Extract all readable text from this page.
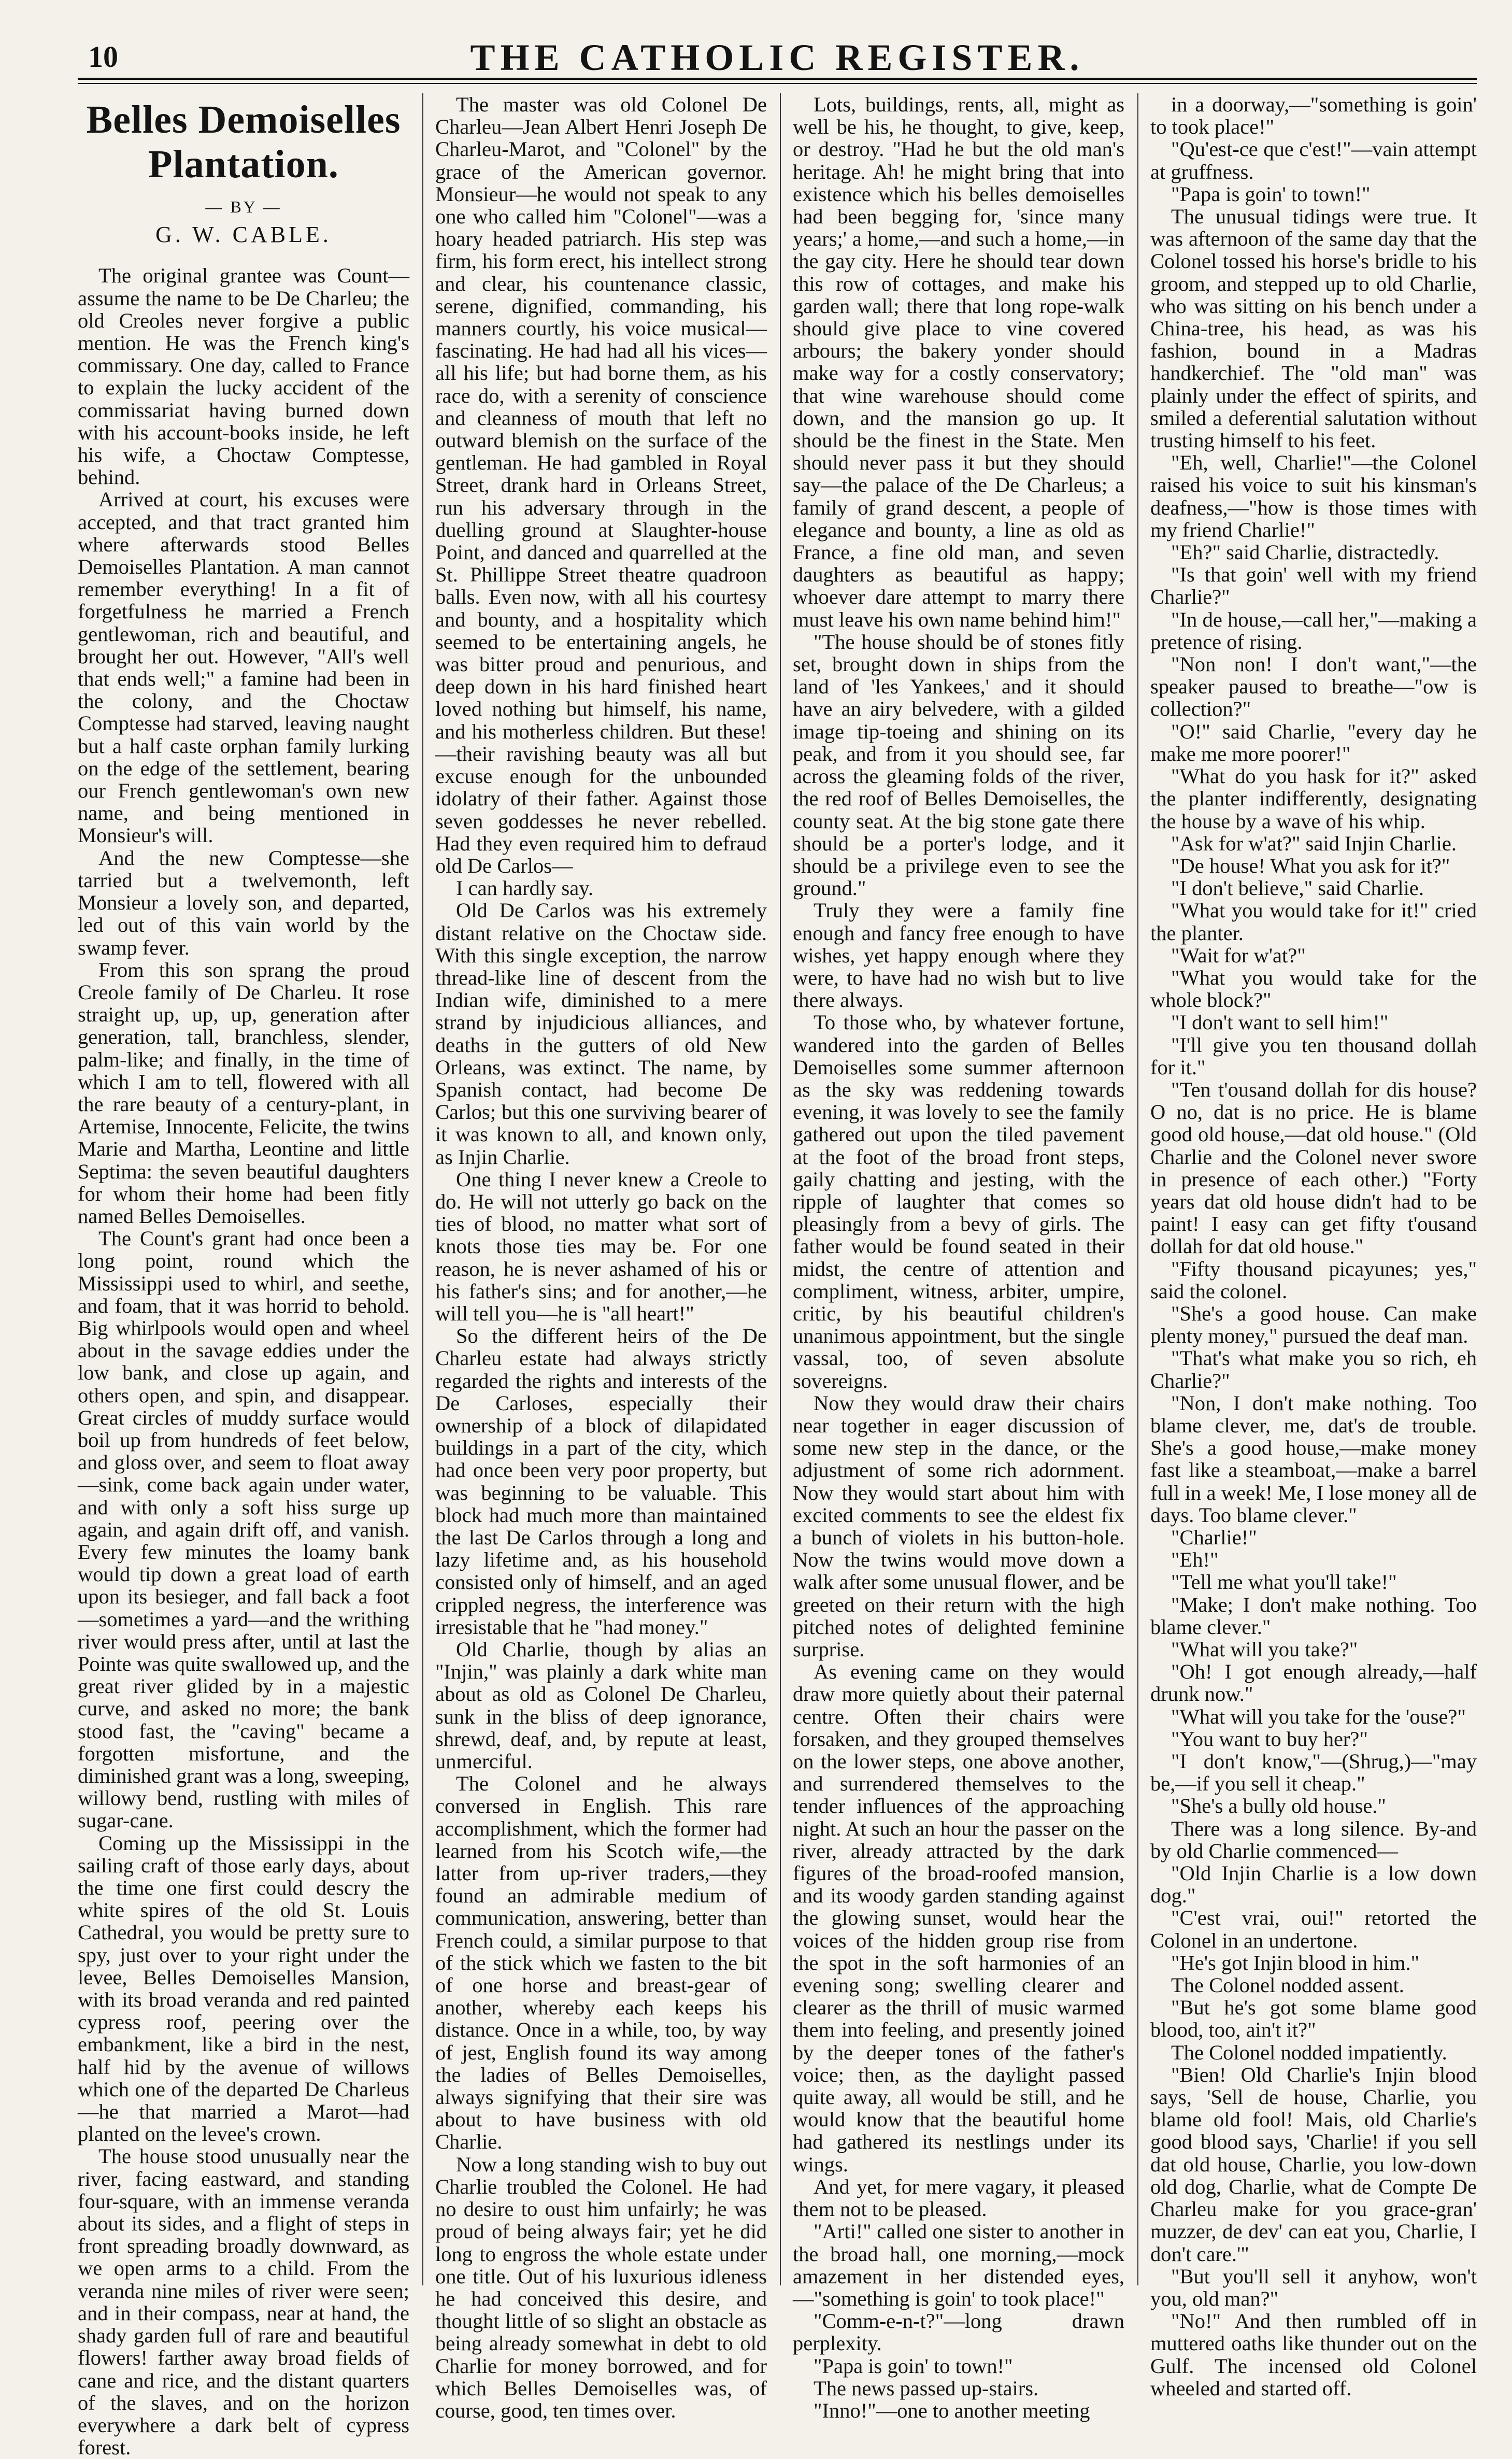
10	THE CATHOLIC REGISTER.
Belles Demoiselles Plantation.
— BY —
G. W. CABLE.

The original grantee was Count—assume the name to be De Charleu; the old Creoles never forgive a public mention. He was the French king's commissary. One day, called to France to explain the lucky accident of the commissariat having burned down with his account-books inside, he left his wife, a Choctaw Comptesse, behind.

Arrived at court, his excuses were accepted, and that tract granted him where afterwards stood Belles Demoiselles Plantation. A man cannot remember everything! In a fit of forgetfulness he married a French gentlewoman, rich and beautiful, and brought her out. However, "All's well that ends well;" a famine had been in the colony, and the Choctaw Comptesse had starved, leaving naught but a half caste orphan family lurking on the edge of the settlement, bearing our French gentlewoman's own new name, and being mentioned in Monsieur's will.

And the new Comptesse—she tarried but a twelvemonth, left Monsieur a lovely son, and departed, led out of this vain world by the swamp fever.

From this son sprang the proud Creole family of De Charleu. It rose straight up, up, up, generation after generation, tall, branchless, slender, palm-like; and finally, in the time of which I am to tell, flowered with all the rare beauty of a century-plant, in Artemise, Innocente, Felicite, the twins Marie and Martha, Leontine and little Septima: the seven beautiful daughters for whom their home had been fitly named Belles Demoiselles.

The Count's grant had once been a long point, round which the Mississippi used to whirl, and seethe, and foam, that it was horrid to behold. Big whirlpools would open and wheel about in the savage eddies under the low bank, and close up again, and others open, and spin, and disappear. Great circles of muddy surface would boil up from hundreds of feet below, and gloss over, and seem to float away—sink, come back again under water, and with only a soft hiss surge up again, and again drift off, and vanish. Every few minutes the loamy bank would tip down a great load of earth upon its besieger, and fall back a foot—sometimes a yard—and the writhing river would press after, until at last the Pointe was quite swallowed up, and the great river glided by in a majestic curve, and asked no more; the bank stood fast, the "caving" became a forgotten misfortune, and the diminished grant was a long, sweeping, willowy bend, rustling with miles of sugar-cane.

Coming up the Mississippi in the sailing craft of those early days, about the time one first could descry the white spires of the old St. Louis Cathedral, you would be pretty sure to spy, just over to your right under the levee, Belles Demoiselles Mansion, with its broad veranda and red painted cypress roof, peering over the embankment, like a bird in the nest, half hid by the avenue of willows which one of the departed De Charleus—he that married a Marot—had planted on the levee's crown.

The house stood unusually near the river, facing eastward, and standing four-square, with an immense veranda about its sides, and a flight of steps in front spreading broadly downward, as we open arms to a child. From the veranda nine miles of river were seen; and in their compass, near at hand, the shady garden full of rare and beautiful flowers! farther away broad fields of cane and rice, and the distant quarters of the slaves, and on the horizon everywhere a dark belt of cypress forest.

The master was old Colonel De Charleu—Jean Albert Henri Joseph De Charleu-Marot, and "Colonel" by the grace of the American governor. Monsieur—he would not speak to any one who called him "Colonel"—was a hoary headed patriarch. His step was firm, his form erect, his intellect strong and clear, his countenance classic, serene, dignified, commanding, his manners courtly, his voice musical—fascinating. He had had all his vices—all his life; but had borne them, as his race do, with a serenity of conscience and cleanness of mouth that left no outward blemish on the surface of the gentleman. He had gambled in Royal Street, drank hard in Orleans Street, run his adversary through in the duelling ground at Slaughter-house Point, and danced and quarrelled at the St. Phillippe Street theatre quadroon balls. Even now, with all his courtesy and bounty, and a hospitality which seemed to be entertaining angels, he was bitter proud and penurious, and deep down in his hard finished heart loved nothing but himself, his name, and his motherless children. But these!—their ravishing beauty was all but excuse enough for the unbounded idolatry of their father. Against those seven goddesses he never rebelled. Had they even required him to defraud old De Carlos—

I can hardly say.

Old De Carlos was his extremely distant relative on the Choctaw side. With this single exception, the narrow thread-like line of descent from the Indian wife, diminished to a mere strand by injudicious alliances, and deaths in the gutters of old New Orleans, was extinct. The name, by Spanish contact, had become De Carlos; but this one surviving bearer of it was known to all, and known only, as Injin Charlie.

One thing I never knew a Creole to do. He will not utterly go back on the ties of blood, no matter what sort of knots those ties may be. For one reason, he is never ashamed of his or his father's sins; and for another,—he will tell you—he is "all heart!"

So the different heirs of the De Charleu estate had always strictly regarded the rights and interests of the De Carloses, especially their ownership of a block of dilapidated buildings in a part of the city, which had once been very poor property, but was beginning to be valuable. This block had much more than maintained the last De Carlos through a long and lazy lifetime and, as his household consisted only of himself, and an aged crippled negress, the interference was irresistable that he "had money."

Old Charlie, though by alias an "Injin," was plainly a dark white man about as old as Colonel De Charleu, sunk in the bliss of deep ignorance, shrewd, deaf, and, by repute at least, unmerciful.

The Colonel and he always conversed in English. This rare accomplishment, which the former had learned from his Scotch wife,—the latter from up-river traders,—they found an admirable medium of communication, answering, better than French could, a similar purpose to that of the stick which we fasten to the bit of one horse and breast-gear of another, whereby each keeps his distance. Once in a while, too, by way of jest, English found its way among the ladies of Belles Demoiselles, always signifying that their sire was about to have business with old Charlie.

Now a long standing wish to buy out Charlie troubled the Colonel. He had no desire to oust him unfairly; he was proud of being always fair; yet he did long to engross the whole estate under one title. Out of his luxurious idleness he had conceived this desire, and thought little of so slight an obstacle as being already somewhat in debt to old Charlie for money borrowed, and for which Belles Demoiselles was, of course, good, ten times over.

Lots, buildings, rents, all, might as well be his, he thought, to give, keep, or destroy. "Had he but the old man's heritage. Ah! he might bring that into existence which his belles demoiselles had been begging for, 'since many years;' a home,—and such a home,—in the gay city. Here he should tear down this row of cottages, and make his garden wall; there that long rope-walk should give place to vine covered arbours; the bakery yonder should make way for a costly conservatory; that wine warehouse should come down, and the mansion go up. It should be the finest in the State. Men should never pass it but they should say—the palace of the De Charleus; a family of grand descent, a people of elegance and bounty, a line as old as France, a fine old man, and seven daughters as beautiful as happy; whoever dare attempt to marry there must leave his own name behind him!"

"The house should be of stones fitly set, brought down in ships from the land of 'les Yankees,' and it should have an airy belvedere, with a gilded image tip-toeing and shining on its peak, and from it you should see, far across the gleaming folds of the river, the red roof of Belles Demoiselles, the county seat. At the big stone gate there should be a porter's lodge, and it should be a privilege even to see the ground."

Truly they were a family fine enough and fancy free enough to have wishes, yet happy enough where they were, to have had no wish but to live there always.

To those who, by whatever fortune, wandered into the garden of Belles Demoiselles some summer afternoon as the sky was reddening towards evening, it was lovely to see the family gathered out upon the tiled pavement at the foot of the broad front steps, gaily chatting and jesting, with the ripple of laughter that comes so pleasingly from a bevy of girls. The father would be found seated in their midst, the centre of attention and compliment, witness, arbiter, umpire, critic, by his beautiful children's unanimous appointment, but the single vassal, too, of seven absolute sovereigns.

Now they would draw their chairs near together in eager discussion of some new step in the dance, or the adjustment of some rich adornment. Now they would start about him with excited comments to see the eldest fix a bunch of violets in his button-hole. Now the twins would move down a walk after some unusual flower, and be greeted on their return with the high pitched notes of delighted feminine surprise.

As evening came on they would draw more quietly about their paternal centre. Often their chairs were forsaken, and they grouped themselves on the lower steps, one above another, and surrendered themselves to the tender influences of the approaching night. At such an hour the passer on the river, already attracted by the dark figures of the broad-roofed mansion, and its woody garden standing against the glowing sunset, would hear the voices of the hidden group rise from the spot in the soft harmonies of an evening song; swelling clearer and clearer as the thrill of music warmed them into feeling, and presently joined by the deeper tones of the father's voice; then, as the daylight passed quite away, all would be still, and he would know that the beautiful home had gathered its nestlings under its wings.

And yet, for mere vagary, it pleased them not to be pleased.

"Arti!" called one sister to another in the broad hall, one morning,—mock amazement in her distended eyes,—"something is goin' to took place!"

"Comm-e-n-t?"—long drawn perplexity.

"Papa is goin' to town!"

The news passed up-stairs.

"Inno!"—one to another meeting

in a doorway,—"something is goin' to took place!"

"Qu'est-ce que c'est!"—vain attempt at gruffness.

"Papa is goin' to town!"

The unusual tidings were true. It was afternoon of the same day that the Colonel tossed his horse's bridle to his groom, and stepped up to old Charlie, who was sitting on his bench under a China-tree, his head, as was his fashion, bound in a Madras handkerchief. The "old man" was plainly under the effect of spirits, and smiled a deferential salutation without trusting himself to his feet.

"Eh, well, Charlie!"—the Colonel raised his voice to suit his kinsman's deafness,—"how is those times with my friend Charlie!"

"Eh?" said Charlie, distractedly.

"Is that goin' well with my friend Charlie?"

"In de house,—call her,"—making a pretence of rising.

"Non non! I don't want,"—the speaker paused to breathe—"ow is collection?"

"O!" said Charlie, "every day he make me more poorer!"

"What do you hask for it?" asked the planter indifferently, designating the house by a wave of his whip.

"Ask for w'at?" said Injin Charlie.

"De house! What you ask for it?"

"I don't believe," said Charlie.

"What you would take for it!" cried the planter.

"Wait for w'at?"

"What you would take for the whole block?"

"I don't want to sell him!"

"I'll give you ten thousand dollah for it."

"Ten t'ousand dollah for dis house? O no, dat is no price. He is blame good old house,—dat old house." (Old Charlie and the Colonel never swore in presence of each other.) "Forty years dat old house didn't had to be paint! I easy can get fifty t'ousand dollah for dat old house."

"Fifty thousand picayunes; yes," said the colonel.

"She's a good house. Can make plenty money," pursued the deaf man.

"That's what make you so rich, eh Charlie?"

"Non, I don't make nothing. Too blame clever, me, dat's de trouble. She's a good house,—make money fast like a steamboat,—make a barrel full in a week! Me, I lose money all de days. Too blame clever."

"Charlie!"

"Eh!"

"Tell me what you'll take!"

"Make; I don't make nothing. Too blame clever."

"What will you take?"

"Oh! I got enough already,—half drunk now."

"What will you take for the 'ouse?"

"You want to buy her?"

"I don't know,"—(Shrug,)—"may be,—if you sell it cheap."

"She's a bully old house."

There was a long silence. By-and by old Charlie commenced—

"Old Injin Charlie is a low down dog."

"C'est vrai, oui!" retorted the Colonel in an undertone.

"He's got Injin blood in him."

The Colonel nodded assent.

"But he's got some blame good blood, too, ain't it?"

The Colonel nodded impatiently.

"Bien! Old Charlie's Injin blood says, 'Sell de house, Charlie, you blame old fool! Mais, old Charlie's good blood says, 'Charlie! if you sell dat old house, Charlie, you low-down old dog, Charlie, what de Compte De Charleu make for you grace-gran' muzzer, de dev' can eat you, Charlie, I don't care.'"

"But you'll sell it anyhow, won't you, old man?"

"No!" And then rumbled off in muttered oaths like thunder out on the Gulf. The incensed old Colonel wheeled and started off.
